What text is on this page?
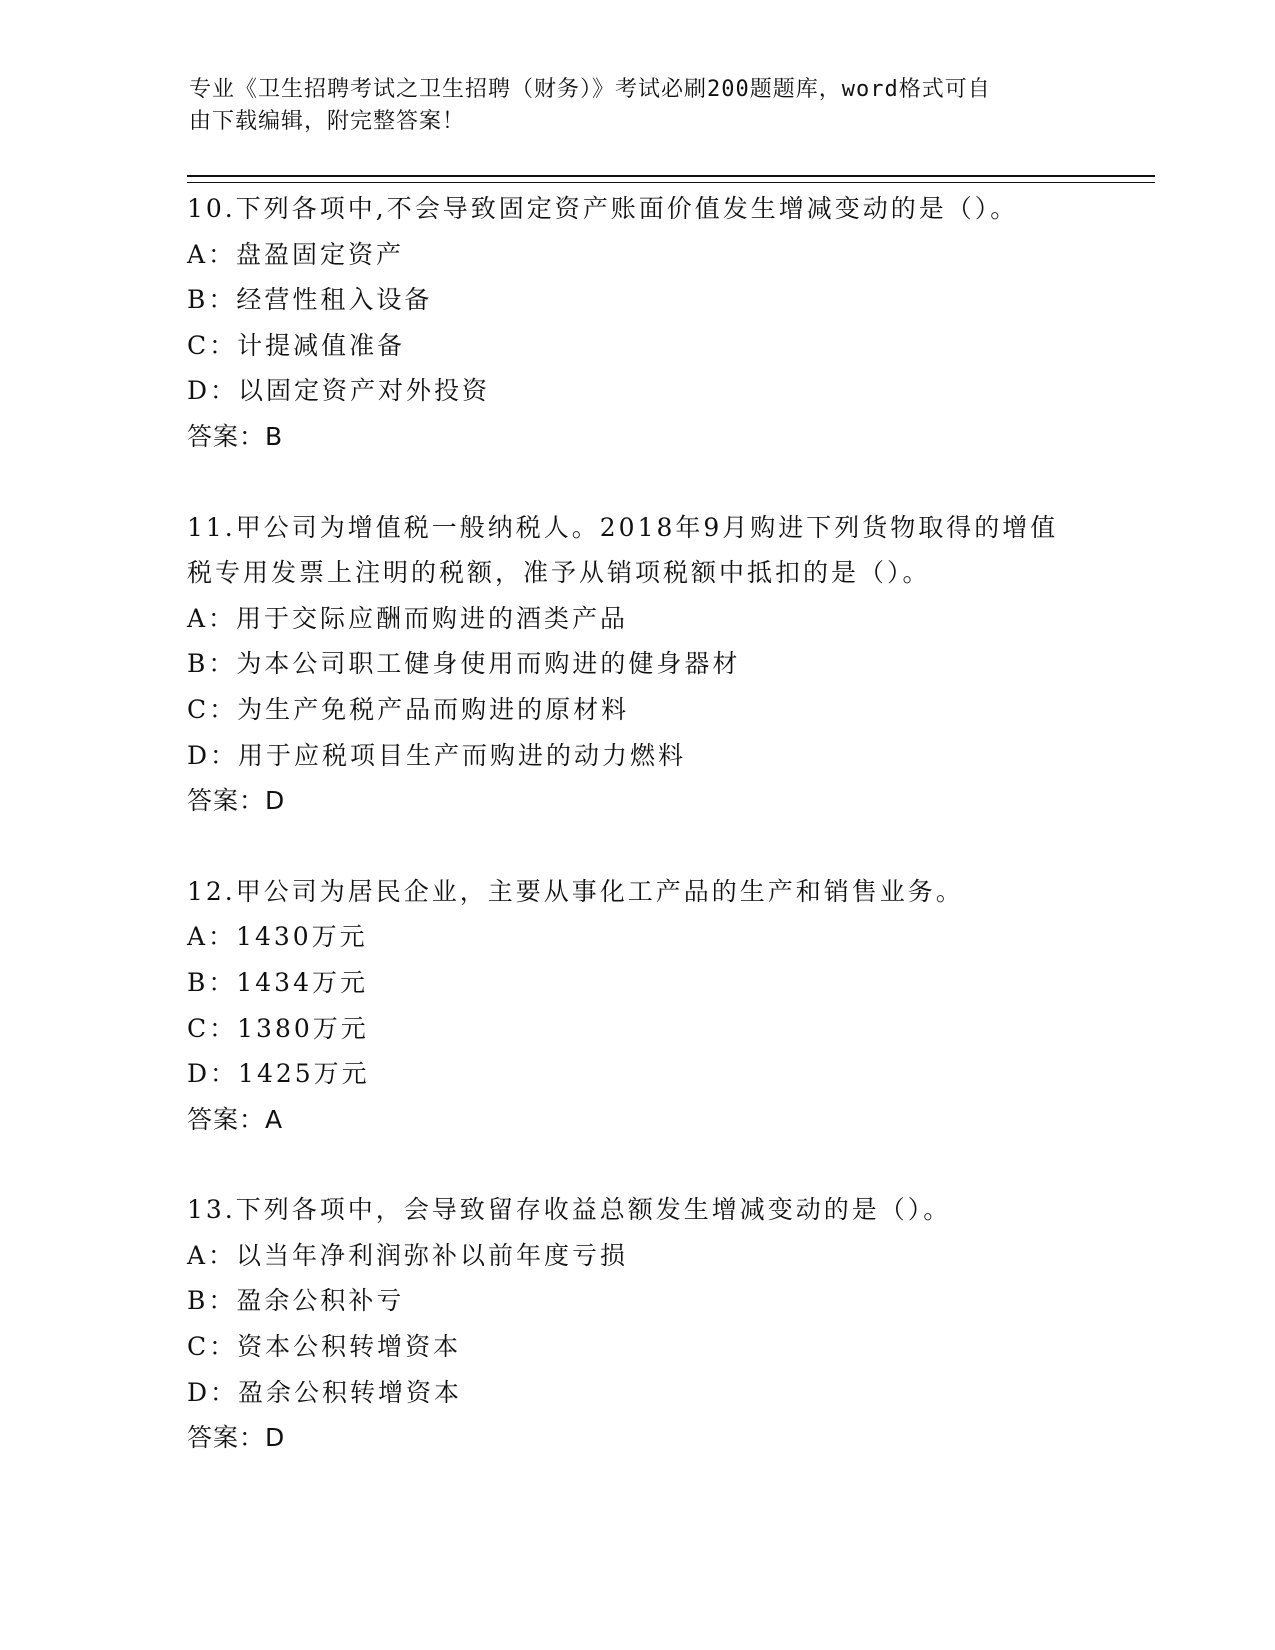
专业《卫生招聘考试之卫生招聘（财务）》考试必刷200题题库，word格式可自
由下载编辑，附完整答案！
10.下列各项中,不会导致固定资产账面价值发生增减变动的是（）。
A：盘盈固定资产
B：经营性租入设备
C：计提减值准备
D：以固定资产对外投资
答案：B
11.甲公司为增值税一般纳税人。2018年9月购进下列货物取得的增值
税专用发票上注明的税额，准予从销项税额中抵扣的是（）。
A：用于交际应酬而购进的酒类产品
B：为本公司职工健身使用而购进的健身器材
C：为生产免税产品而购进的原材料
D：用于应税项目生产而购进的动力燃料
答案：D
12.甲公司为居民企业，主要从事化工产品的生产和销售业务。
A：1430万元
B：1434万元
C：1380万元
D：1425万元
答案：A
13.下列各项中，会导致留存收益总额发生增减变动的是（）。
A：以当年净利润弥补以前年度亏损
B：盈余公积补亏
C：资本公积转增资本
D：盈余公积转增资本
答案：D
